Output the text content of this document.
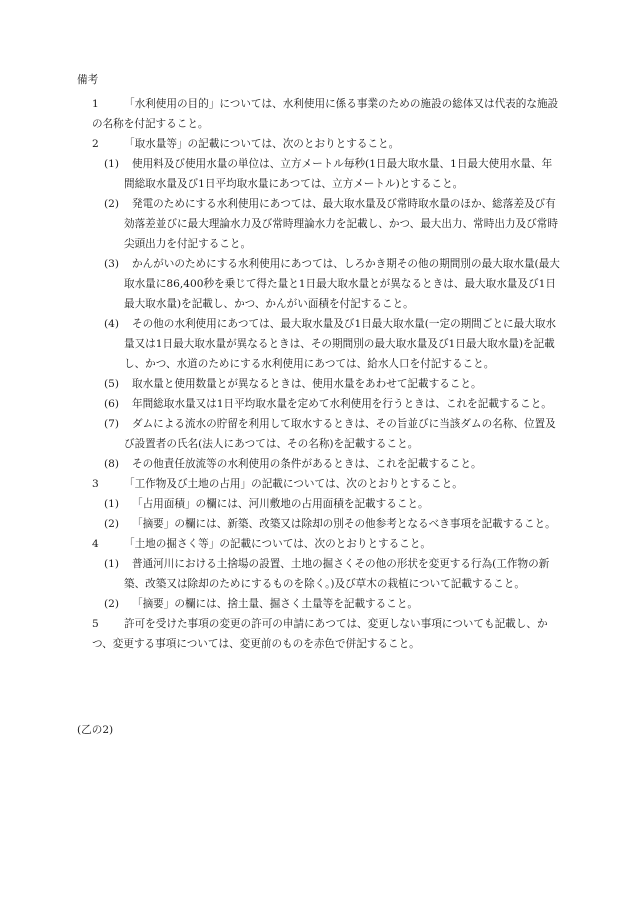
備考
1	「水利使用の目的」については、水利使用に係る事業のための施設の総体又は代表的な施設の名称を付記すること。
2	「取水量等」の記載については、次のとおりとすること。
(1)	使用料及び使用水量の単位は、立方メートル毎秒(1日最大取水量、1日最大使用水量、年間総取水量及び1日平均取水量にあつては、立方メートル)とすること。
(2)	発電のためにする水利使用にあつては、最大取水量及び常時取水量のほか、総落差及び有効落差並びに最大理論水力及び常時理論水力を記載し、かつ、最大出力、常時出力及び常時尖頭出力を付記すること。
(3)	かんがいのためにする水利使用にあつては、しろかき期その他の期間別の最大取水量(最大取水量に86,400秒を乗じて得た量と1日最大取水量とが異なるときは、最大取水量及び1日最大取水量)を記載し、かつ、かんがい面積を付記すること。
(4)	その他の水利使用にあつては、最大取水量及び1日最大取水量(一定の期間ごとに最大取水量又は1日最大取水量が異なるときは、その期間別の最大取水量及び1日最大取水量)を記載し、かつ、水道のためにする水利使用にあつては、給水人口を付記すること。
(5)	取水量と使用数量とが異なるときは、使用水量をあわせて記載すること。
(6)	年間総取水量又は1日平均取水量を定めて水利使用を行うときは、これを記載すること。
(7)	ダムによる流水の貯留を利用して取水するときは、その旨並びに当該ダムの名称、位置及び設置者の氏名(法人にあつては、その名称)を記載すること。
(8)	その他責任放流等の水利使用の条件があるときは、これを記載すること。
3	「工作物及び土地の占用」の記載については、次のとおりとすること。
(1)	「占用面積」の欄には、河川敷地の占用面積を記載すること。
(2)	「摘要」の欄には、新築、改築又は除却の別その他参考となるべき事項を記載すること。
4	「土地の掘さく等」の記載については、次のとおりとすること。
(1)	普通河川における土捨場の設置、土地の掘さくその他の形状を変更する行為(工作物の新築、改築又は除却のためにするものを除く。)及び草木の栽植について記載すること。
(2)	「摘要」の欄には、捨土量、掘さく土量等を記載すること。
5	許可を受けた事項の変更の許可の申請にあつては、変更しない事項についても記載し、かつ、変更する事項については、変更前のものを赤色で併記すること。
(乙の2)
